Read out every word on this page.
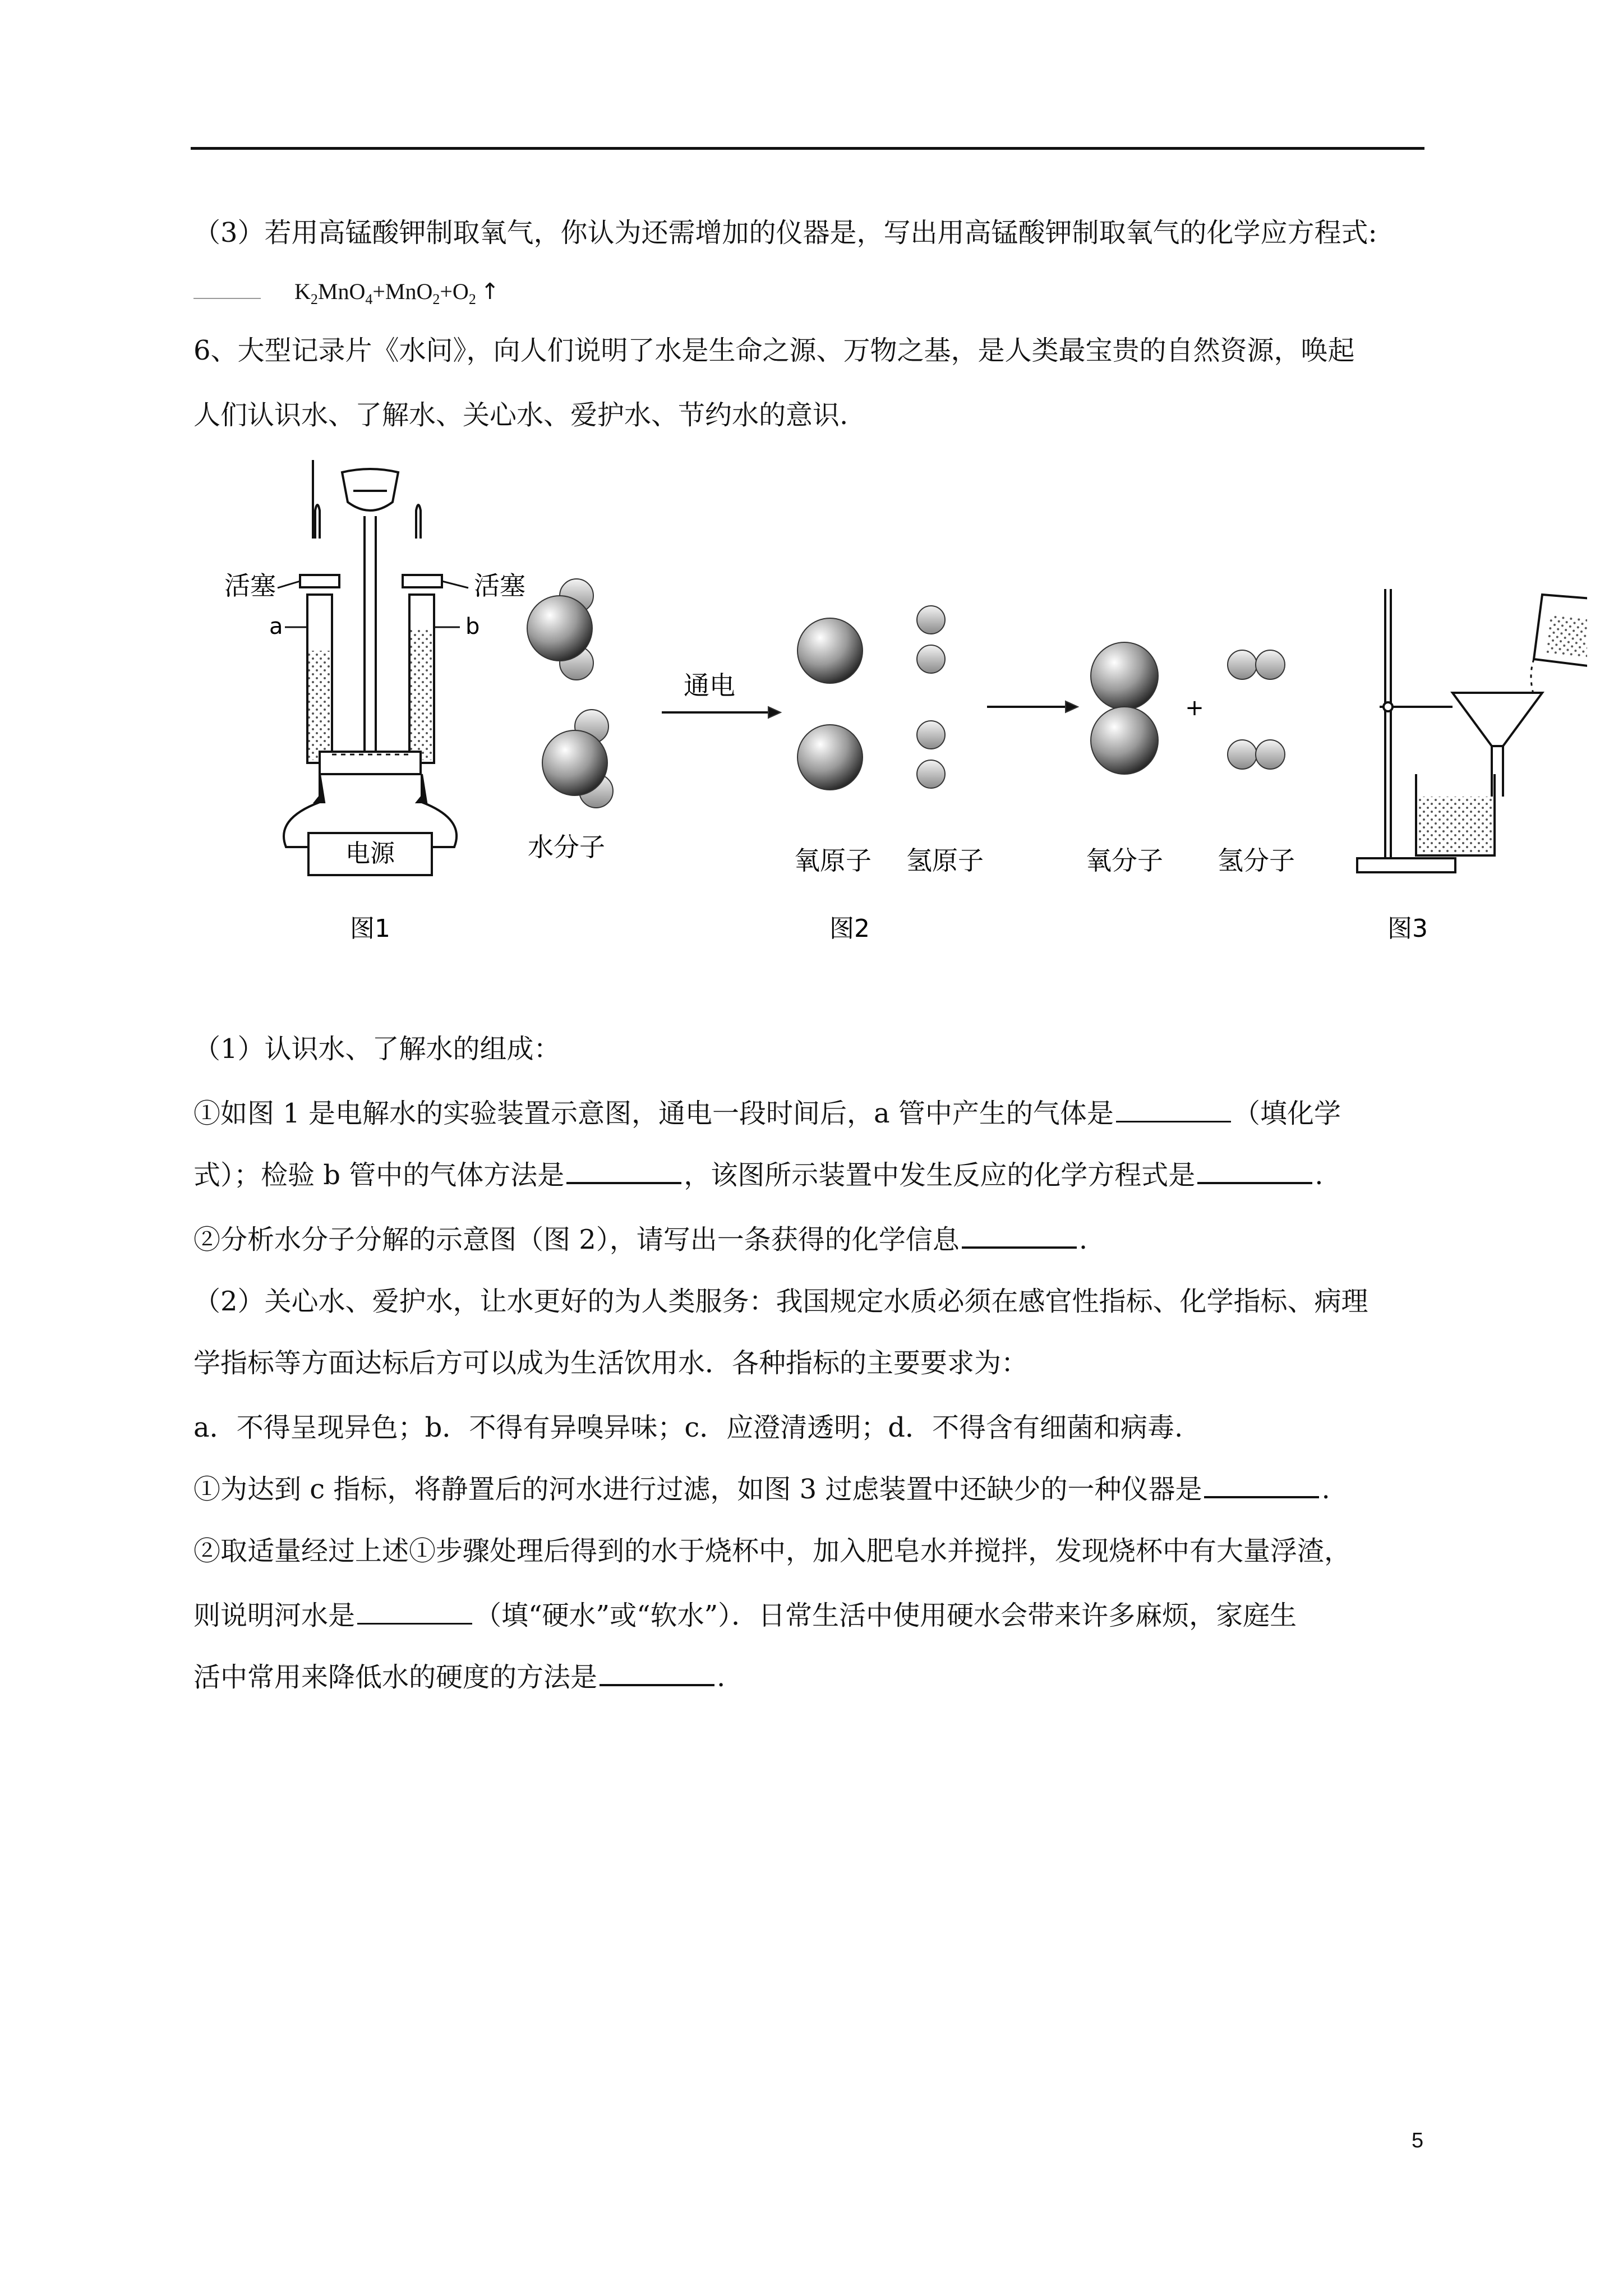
（3）若用高锰酸钾制取氧气，你认为还需增加的仪器是，写出用高锰酸钾制取氧气的化学应方程式:
$K_2MnO_4+MnO_2+O_2$ ↑
6、大型记录片《水问》，向人们说明了水是生命之源、万物之基，是人类最宝贵的自然资源，唤起
人们认识水、了解水、关心水、爱护水、节约水的意识.
电源
活塞	活塞
a	b
图1
通电
+
水分子	氧原子 氢原子	氧分子 氢分子
图2	图3
（1）认识水、了解水的组成：
①如图 1 是电解水的实验装置示意图，通电一段时间后，a 管中产生的气体是	（填化学
式）；检验 b 管中的气体方法是	，该图所示装置中发生反应的化学方程式是	.
②分析水分子分解的示意图（图 2），请写出一条获得的化学信息	.
（2）关心水、爱护水，让水更好的为人类服务：我国规定水质必须在感官性指标、化学指标、病理
学指标等方面达标后方可以成为生活饮用水．各种指标的主要要求为：
a．不得呈现异色；b．不得有异嗅异味；c．应澄清透明；d．不得含有细菌和病毒.
①为达到 c 指标，将静置后的河水进行过滤，如图 3 过虑装置中还缺少的一种仪器是	.
②取适量经过上述①步骤处理后得到的水于烧杯中，加入肥皂水并搅拌，发现烧杯中有大量浮渣，
则说明河水是	（填“硬水”或“软水”）．日常生活中使用硬水会带来许多麻烦，家庭生
活中常用来降低水的硬度的方法是	.
5
